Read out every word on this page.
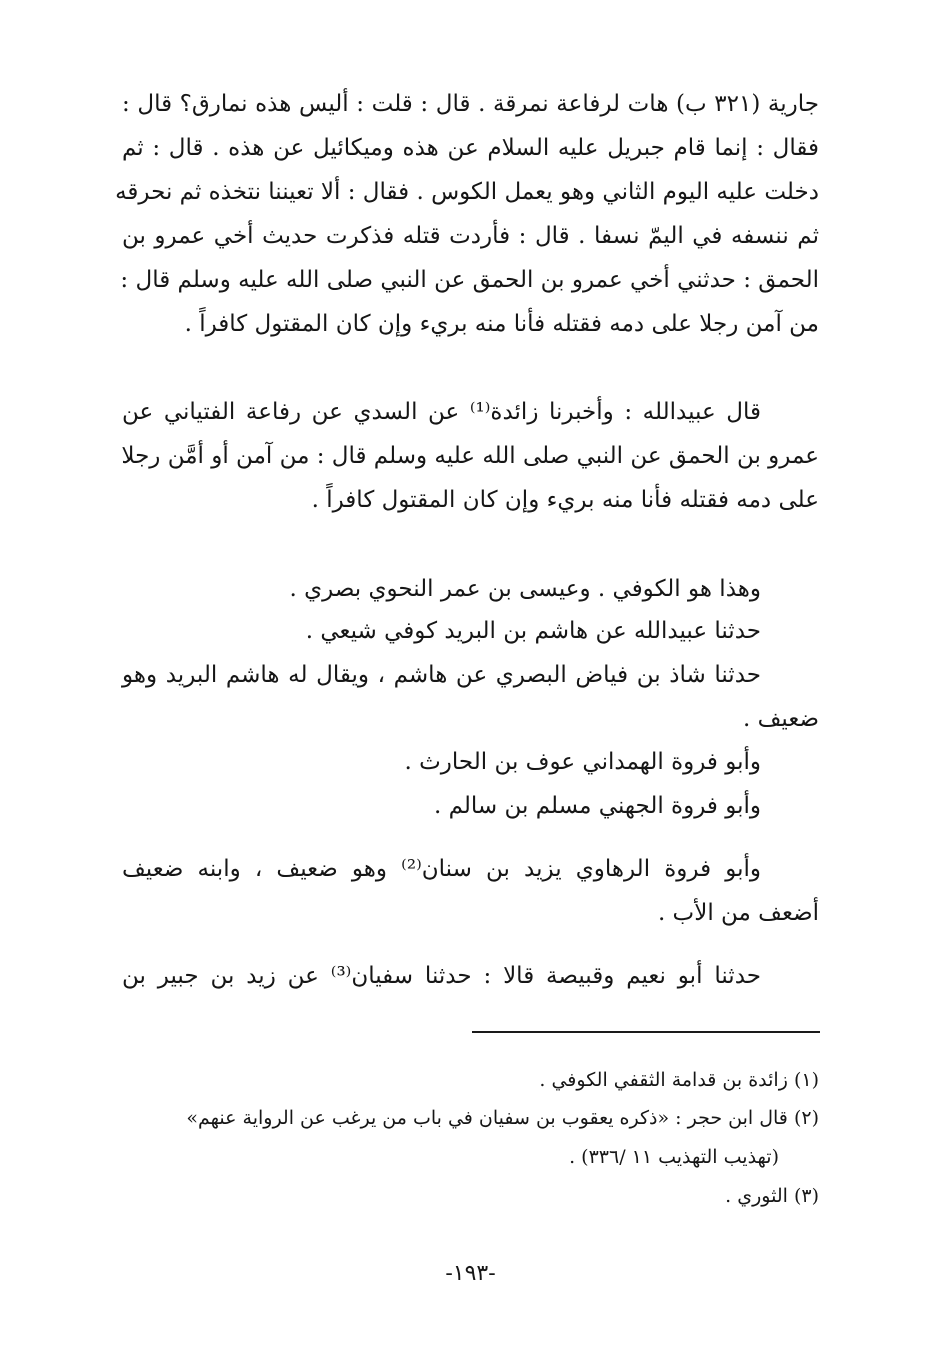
جارية (٣٢١ ب) هات لرفاعة نمرقة . قال : قلت : أليس هذه نمارق؟ قال :
فقال : إنما قام جبريل عليه السلام عن هذه وميكائيل عن هذه . قال : ثم
دخلت عليه اليوم الثاني وهو يعمل الكوس . فقال : ألا تعيننا نتخذه ثم نحرقه
ثم ننسفه في اليمّ نسفا . قال : فأردت قتله فذكرت حديث أخي عمرو بن
الحمق : حدثني أخي عمرو بن الحمق عن النبي صلى الله عليه وسلم قال :
من آمن رجلا على دمه فقتله فأنا منه بريء وإن كان المقتول كافراً .
قال عبيدالله : وأخبرنا زائدة⁽¹⁾ عن السدي عن رفاعة الفتياني عن
عمرو بن الحمق عن النبي صلى الله عليه وسلم قال : من آمن أو أمَّن رجلا
على دمه فقتله فأنا منه بريء وإن كان المقتول كافراً .
وهذا هو الكوفي . وعيسى بن عمر النحوي بصري .
حدثنا عبيدالله عن هاشم بن البريد كوفي شيعي .
حدثنا شاذ بن فياض البصري عن هاشم ، ويقال له هاشم البريد وهو
ضعيف .
وأبو فروة الهمداني عوف بن الحارث .
وأبو فروة الجهني مسلم بن سالم .
وأبو فروة الرهاوي يزيد بن سنان⁽²⁾ وهو ضعيف ، وابنه ضعيف
أضعف من الأب .
حدثنا أبو نعيم وقبيصة قالا : حدثنا سفيان⁽³⁾ عن زيد بن جبير بن
(١) زائدة بن قدامة الثقفي الكوفي .
(٢) قال ابن حجر : «ذكره يعقوب بن سفيان في باب من يرغب عن الرواية عنهم»
(تهذيب التهذيب ١١ /٣٣٦) .
(٣) الثوري .
-١٩٣-
